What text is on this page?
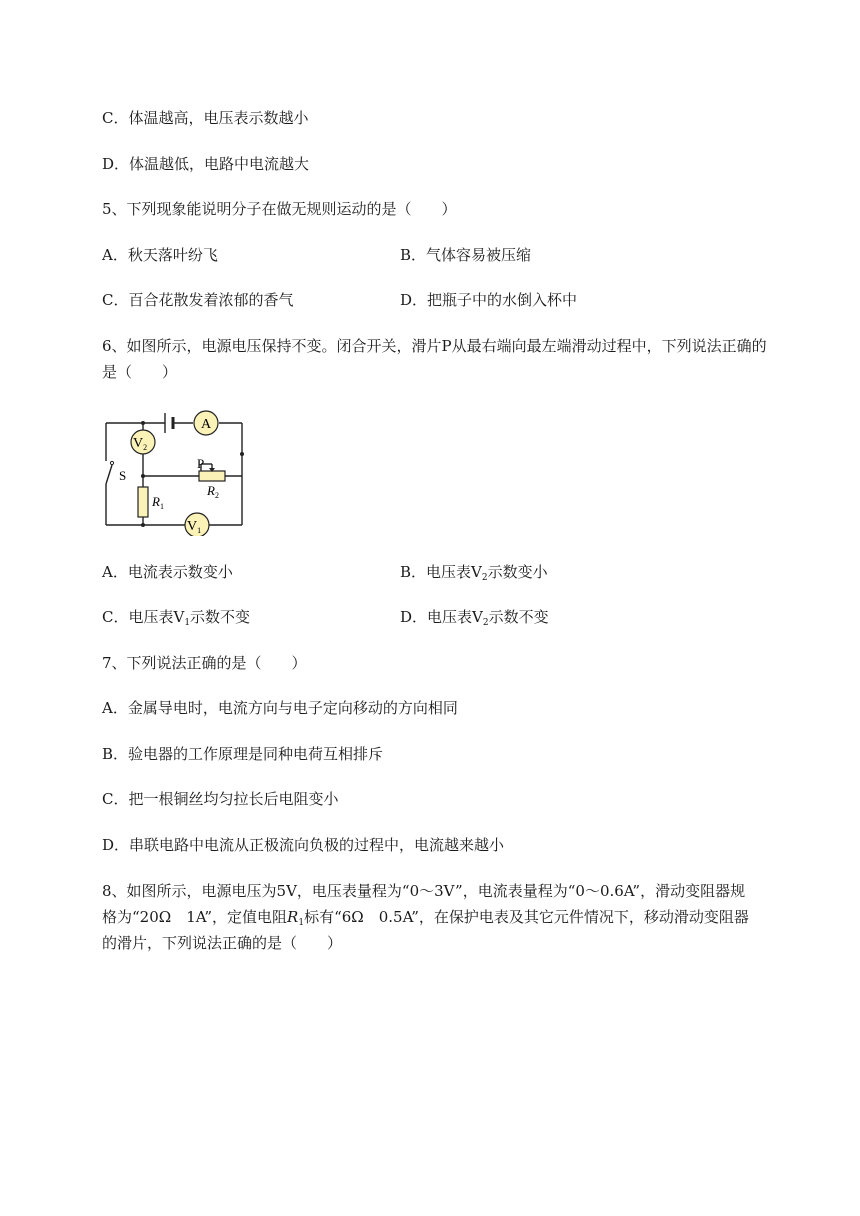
C．体温越高，电压表示数越小
D．体温越低，电路中电流越大
5、下列现象能说明分子在做无规则运动的是（　　）
A．秋天落叶纷飞	B．气体容易被压缩
C．百合花散发着浓郁的香气	D．把瓶子中的水倒入杯中
6、如图所示，电源电压保持不变。闭合开关，滑片P从最右端向最左端滑动过程中，下列说法正确的
是（　　）
A
$V_2$
$V_1$
$R_1$
P
$R_2$
S
A．电流表示数变小	B．电压表$V_2$示数变小
C．电压表$V_1$示数不变	D．电压表$V_2$示数不变
7、下列说法正确的是（　　）
A．金属导电时，电流方向与电子定向移动的方向相同
B．验电器的工作原理是同种电荷互相排斥
C．把一根铜丝均匀拉长后电阻变小
D．串联电路中电流从正极流向负极的过程中，电流越来越小
8、如图所示，电源电压为5V，电压表量程为“0～3V”，电流表量程为“0～0.6A”，滑动变阻器规
格为“20Ω　1A”，定值电阻$R_1$标有“6Ω　0.5A”，在保护电表及其它元件情况下，移动滑动变阻器
的滑片，下列说法正确的是（　　）
